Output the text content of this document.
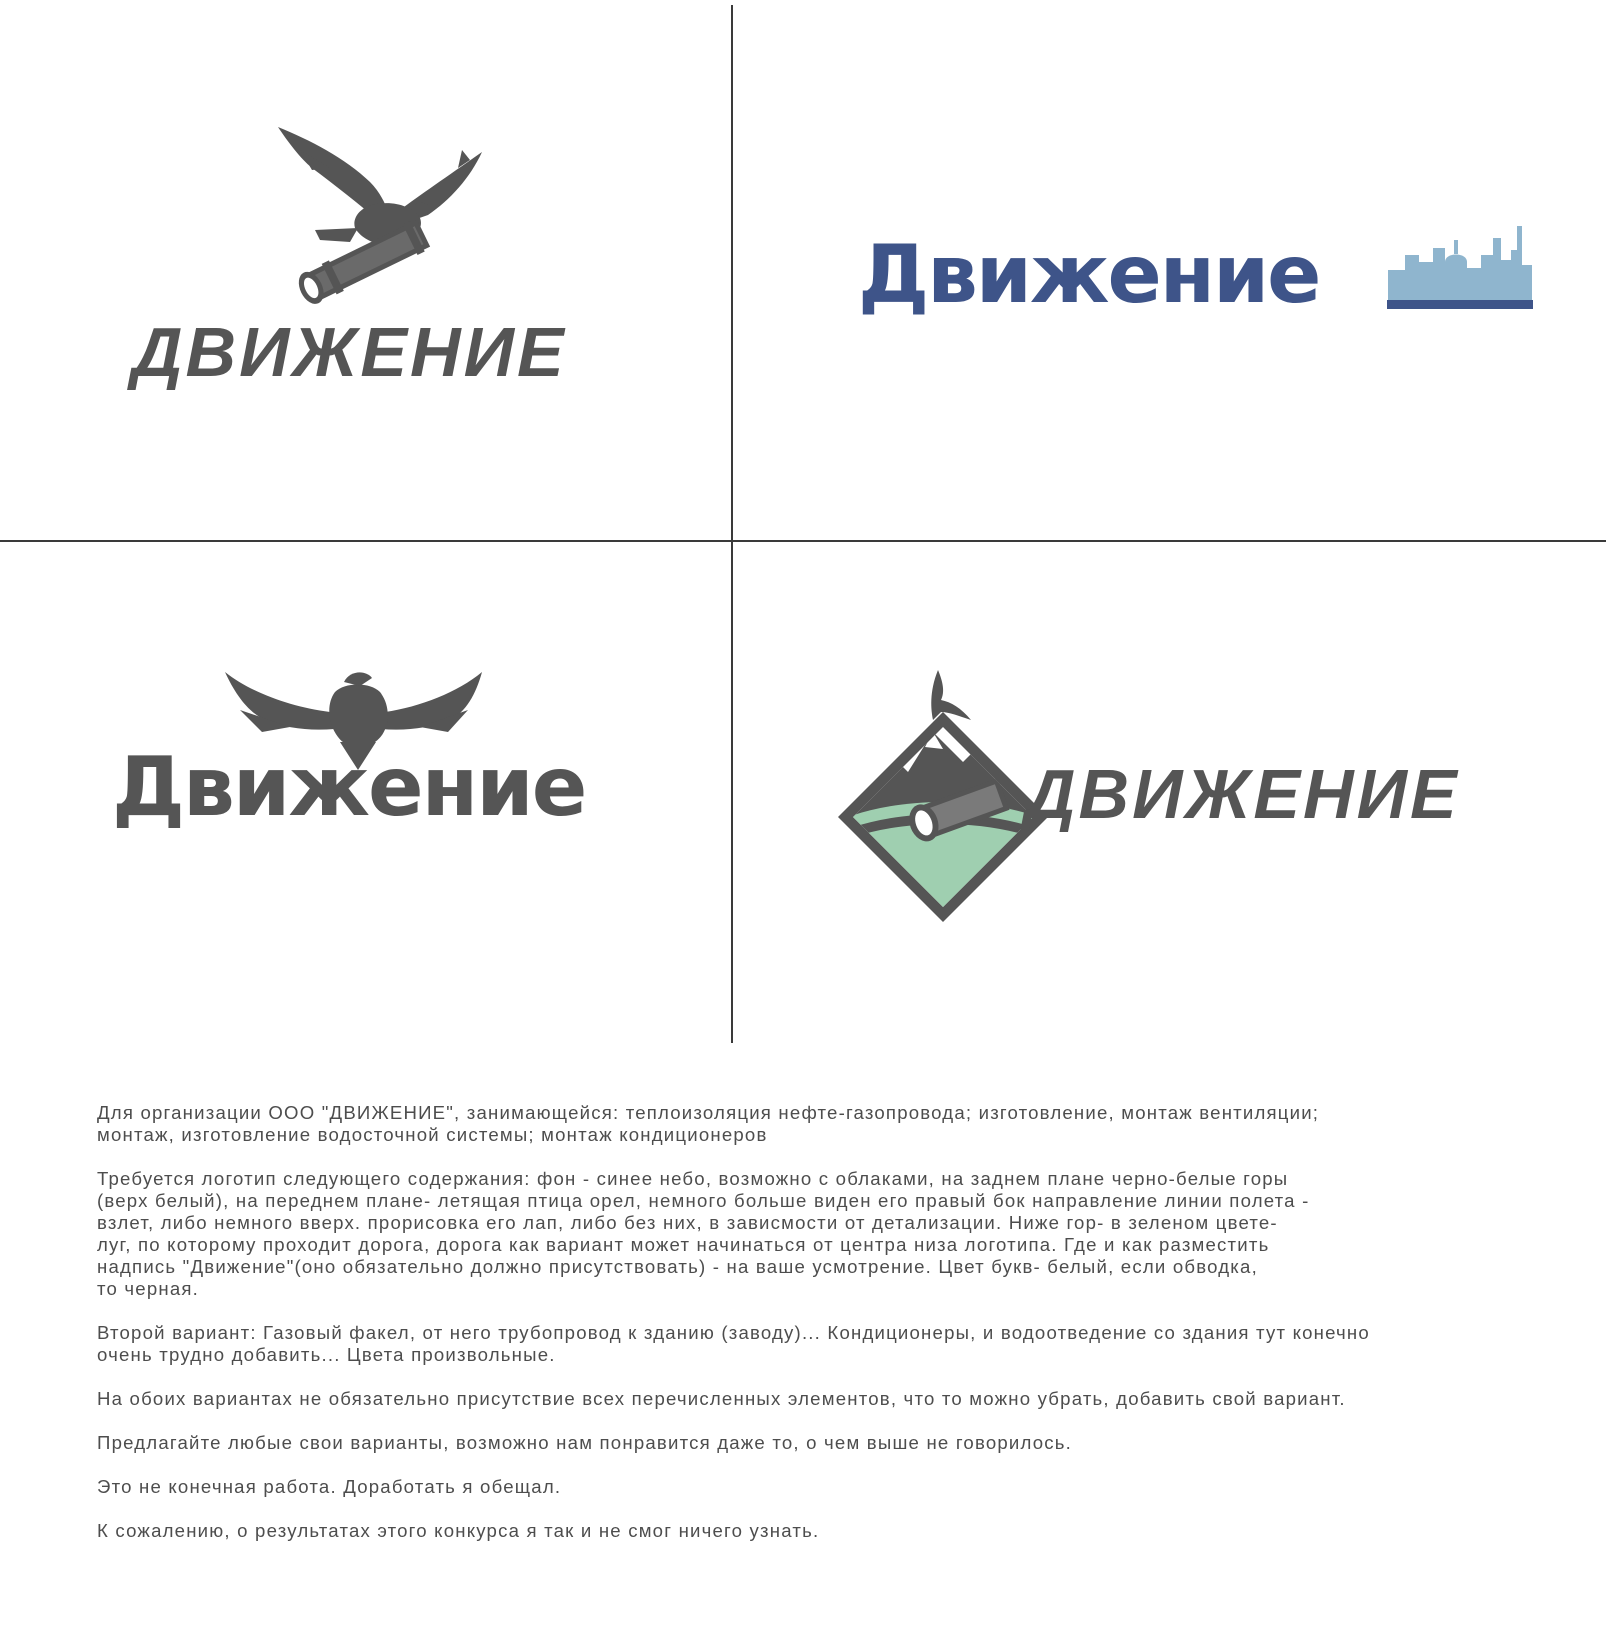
ДВИЖЕНИЕ
Движение
Движение	ДВИЖЕНИЕ

Для организации ООО "ДВИЖЕНИЕ", занимающейся: теплоизоляция нефте-газопровода; изготовление, монтаж вентиляции;
монтаж, изготовление водосточной системы; монтаж кондиционеров

Требуется логотип следующего содержания: фон - синее небо, возможно с облаками, на заднем плане черно-белые горы
(верх белый), на переднем плане- летящая птица орел, немного больше виден его правый бок направление линии полета -
взлет, либо немного вверх. прорисовка его лап, либо без них, в зависмости от детализации. Ниже гор- в зеленом цвете-
луг, по которому проходит дорога, дорога как вариант может начинаться от центра низа логотипа. Где и как разместить
надпись "Движение"(оно обязательно должно присутствовать) - на ваше усмотрение. Цвет букв- белый, если обводка,
то черная.

Второй вариант: Газовый факел, от него трубопровод к зданию (заводу)... Кондиционеры, и водоотведение со здания тут конечно
очень трудно добавить... Цвета произвольные.

На обоих вариантах не обязательно присутствие всех перечисленных элементов, что то можно убрать, добавить свой вариант.

Предлагайте любые свои варианты, возможно нам понравится даже то, о чем выше не говорилось.

Это не конечная работа. Доработать я обещал.

К сожалению, о результатах этого конкурса я так и не смог ничего узнать.
